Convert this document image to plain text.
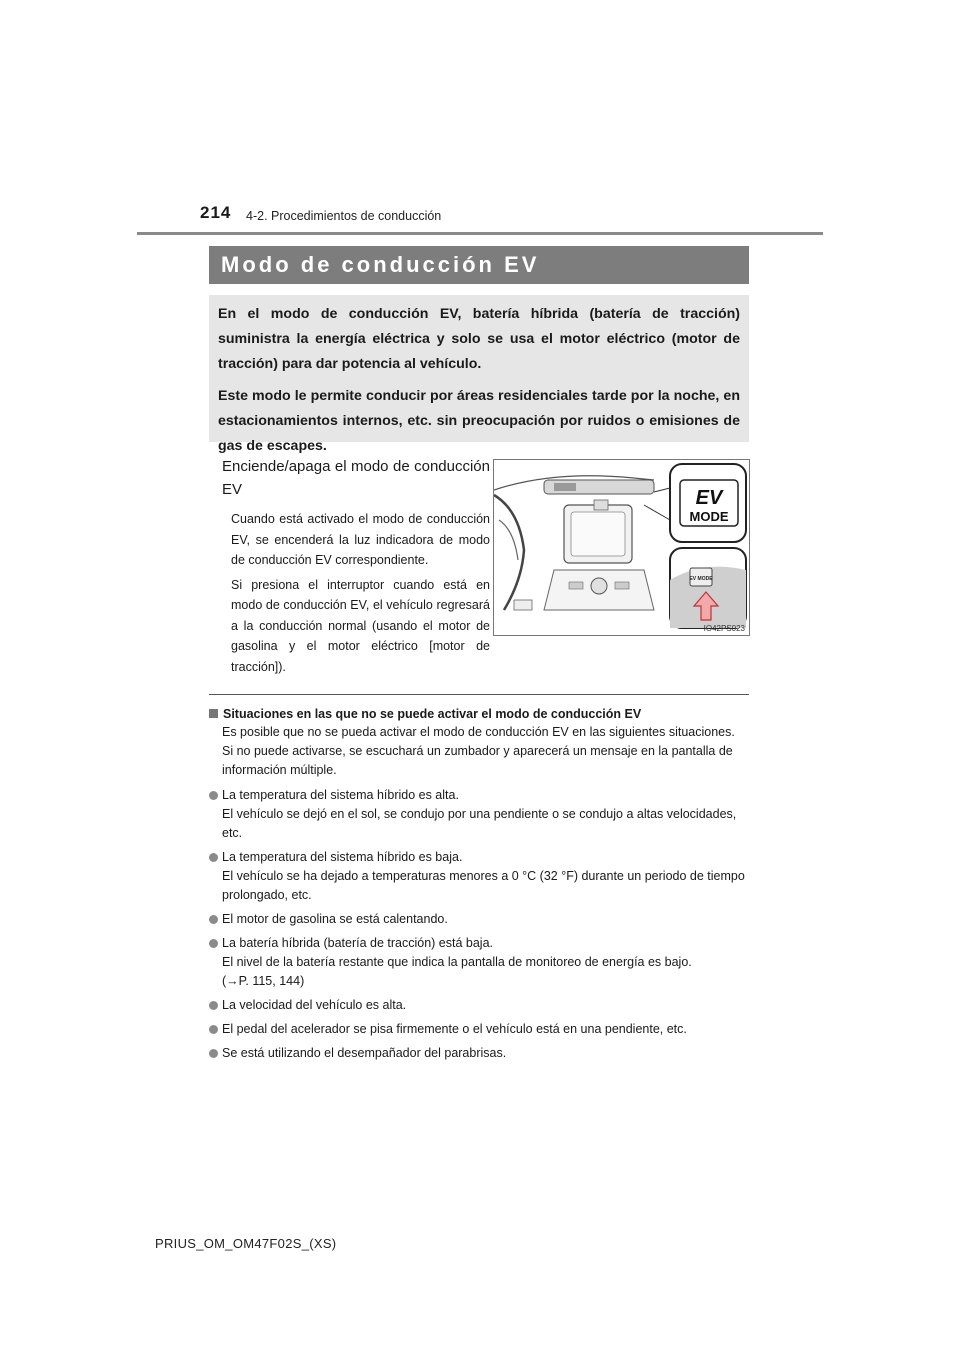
214 4-2. Procedimientos de conducción
Modo de conducción EV

En el modo de conducción EV, batería híbrida (batería de tracción) suministra la energía eléctrica y solo se usa el motor eléctrico (motor de tracción) para dar potencia al vehículo.

Este modo le permite conducir por áreas residenciales tarde por la noche, en estacionamientos internos, etc. sin preocupación por ruidos o emisiones de gas de escapes.

Enciende/apaga el modo de conducción EV
Cuando está activado el modo de conducción EV, se encenderá la luz indicadora de modo de conducción EV correspondiente.
Si presiona el interruptor cuando está en modo de conducción EV, el vehículo regresará a la conducción normal (usando el motor de gasolina y el motor eléctrico [motor de tracción]).
EV
MODE
EV MODE
IO42PS023
Situaciones en las que no se puede activar el modo de conducción EV
Es posible que no se pueda activar el modo de conducción EV en las siguientes situaciones. Si no puede activarse, se escuchará un zumbador y aparecerá un mensaje en la pantalla de información múltiple.
La temperatura del sistema híbrido es alta.
El vehículo se dejó en el sol, se condujo por una pendiente o se condujo a altas velocidades, etc.
La temperatura del sistema híbrido es baja.
El vehículo se ha dejado a temperaturas menores a 0 °C (32 °F) durante un periodo de tiempo prolongado, etc.
El motor de gasolina se está calentando.
La batería híbrida (batería de tracción) está baja.
El nivel de la batería restante que indica la pantalla de monitoreo de energía es bajo.
(→P. 115, 144)
La velocidad del vehículo es alta.
El pedal del acelerador se pisa firmemente o el vehículo está en una pendiente, etc.
Se está utilizando el desempañador del parabrisas.
PRIUS_OM_OM47F02S_(XS)
